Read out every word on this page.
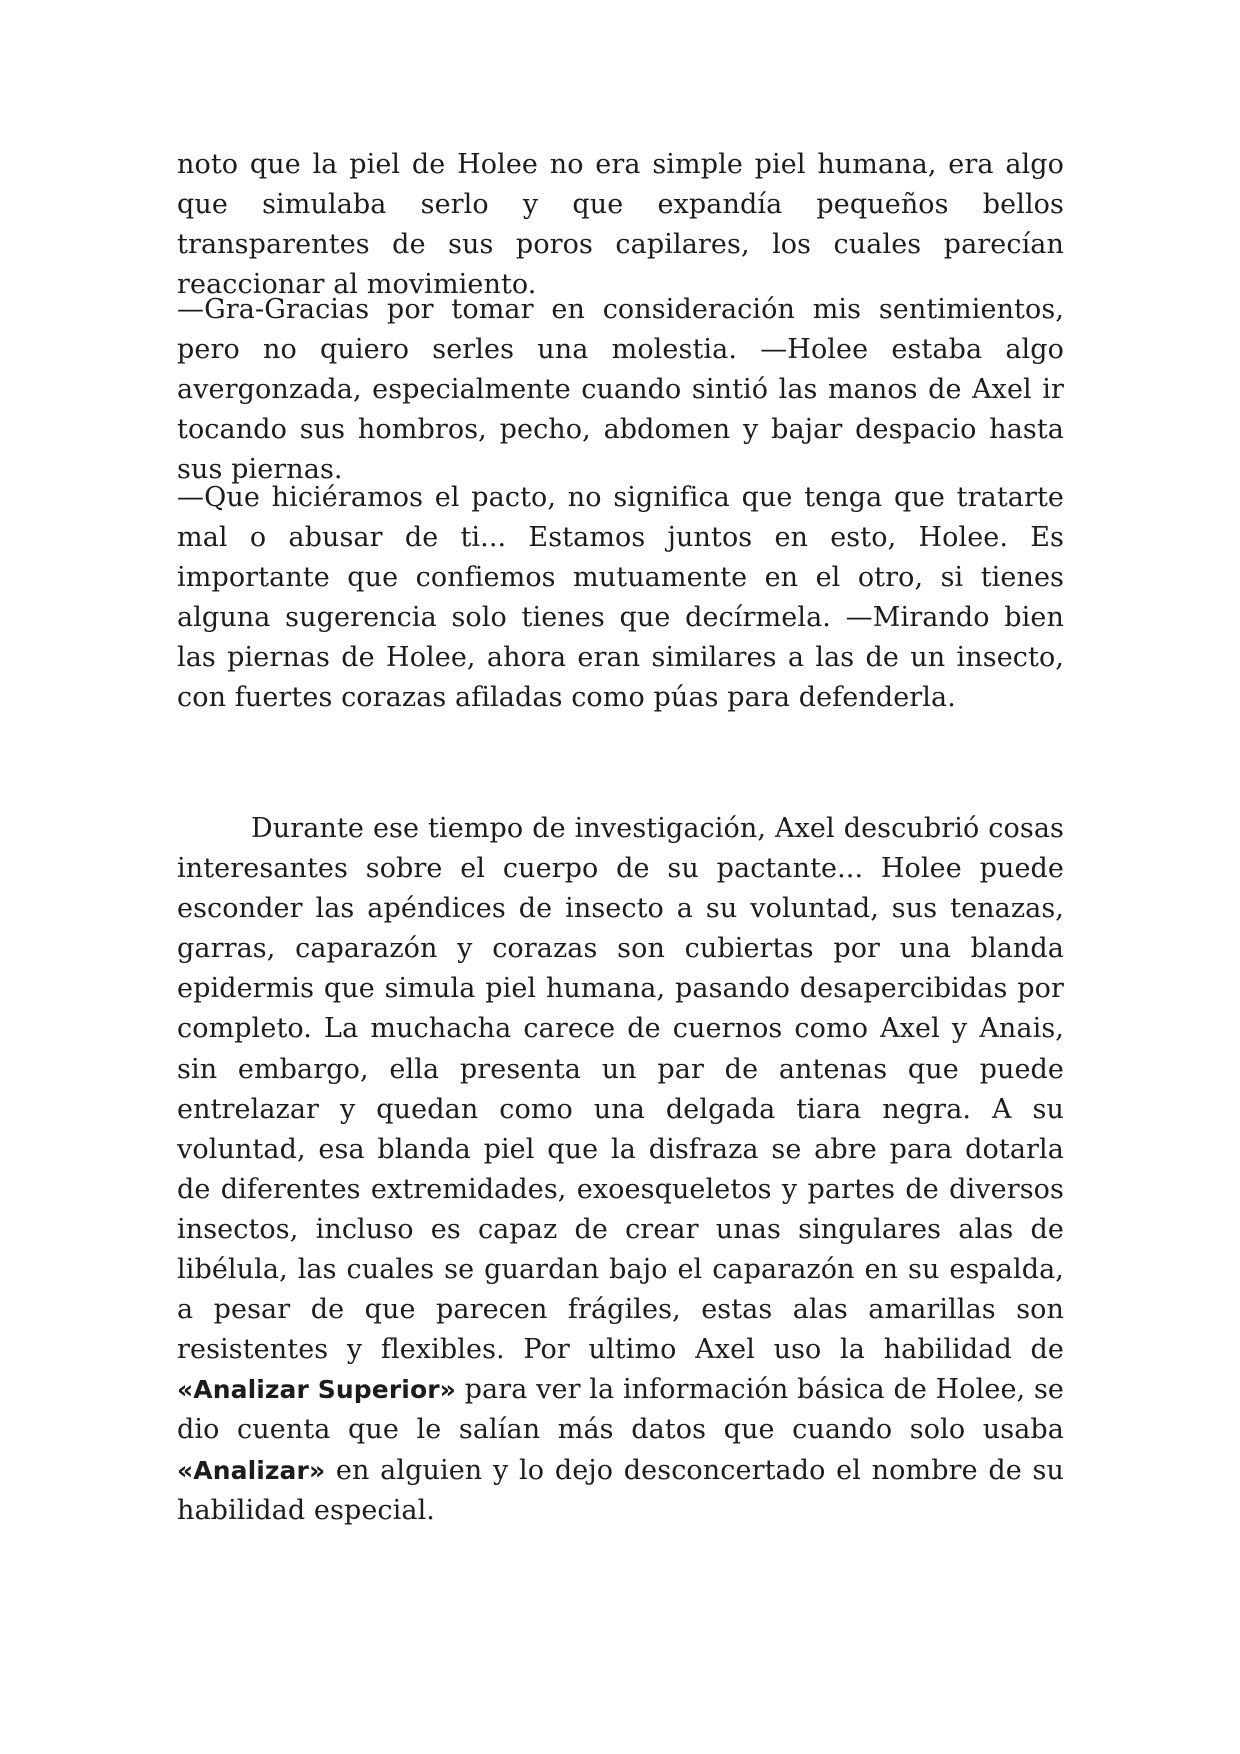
noto que la piel de Holee no era simple piel humana, era algo que simulaba serlo y que expandía pequeños bellos transparentes de sus poros capilares, los cuales parecían reaccionar al movimiento.

—Gra-Gracias por tomar en consideración mis sentimientos, pero no quiero serles una molestia. —Holee estaba algo avergonzada, especialmente cuando sintió las manos de Axel ir tocando sus hombros, pecho, abdomen y bajar despacio hasta sus piernas.

—Que hiciéramos el pacto, no significa que tenga que tratarte mal o abusar de ti... Estamos juntos en esto, Holee. Es importante que confiemos mutuamente en el otro, si tienes alguna sugerencia solo tienes que decírmela. —Mirando bien las piernas de Holee, ahora eran similares a las de un insecto, con fuertes corazas afiladas como púas para defenderla.

Durante ese tiempo de investigación, Axel descubrió cosas interesantes sobre el cuerpo de su pactante... Holee puede esconder las apéndices de insecto a su voluntad, sus tenazas, garras, caparazón y corazas son cubiertas por una blanda epidermis que simula piel humana, pasando desapercibidas por completo. La muchacha carece de cuernos como Axel y Anais, sin embargo, ella presenta un par de antenas que puede entrelazar y quedan como una delgada tiara negra. A su voluntad, esa blanda piel que la disfraza se abre para dotarla de diferentes extremidades, exoesqueletos y partes de diversos insectos, incluso es capaz de crear unas singulares alas de libélula, las cuales se guardan bajo el caparazón en su espalda, a pesar de que parecen frágiles, estas alas amarillas son resistentes y flexibles. Por ultimo Axel uso la habilidad de «Analizar Superior» para ver la información básica de Holee, se dio cuenta que le salían más datos que cuando solo usaba «Analizar» en alguien y lo dejo desconcertado el nombre de su habilidad especial.
